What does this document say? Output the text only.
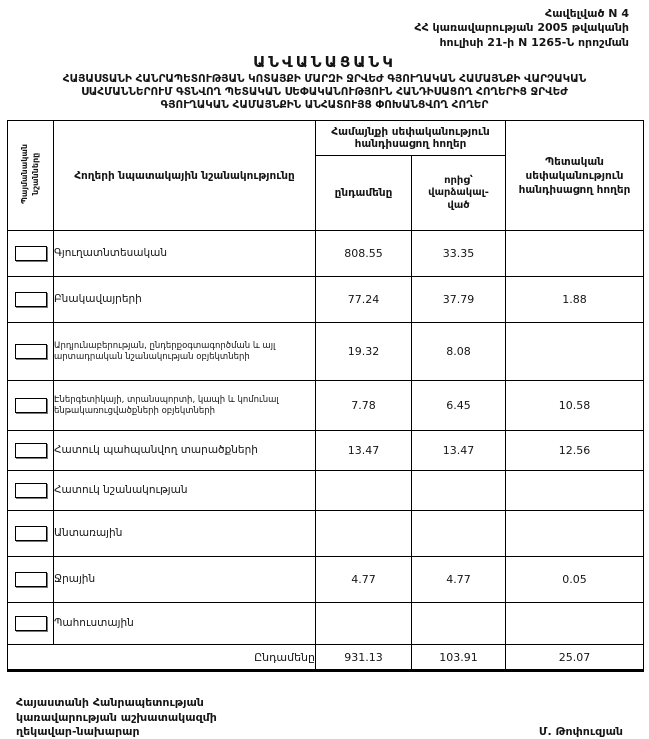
Հավելված N 4
ՀՀ կառավարության 2005 թվականի
հուլիսի 21-ի N 1265-Ն որոշման
ԱՆՎԱՆԱՑԱՆԿ
ՀԱՅԱՍՏԱՆԻ ՀԱՆՐԱՊԵՏՈՒԹՅԱՆ ԿՈՏԱՅՔԻ ՄԱՐԶԻ ՋՐՎԵԺ ԳՅՈՒՂԱԿԱՆ ՀԱՄԱՅՆՔԻ ՎԱՐՉԱԿԱՆ
ՍԱՀՄԱՆՆԵՐՈՒՄ ԳՏՆՎՈՂ ՊԵՏԱԿԱՆ ՍԵՓԱԿԱՆՈՒԹՅՈՒՆ ՀԱՆԴԻՍԱՑՈՂ ՀՈՂԵՐԻՑ ՋՐՎԵԺ
ԳՅՈՒՂԱԿԱՆ ՀԱՄԱՅՆՔԻՆ ԱՆՀԱՏՈՒՅՑ ՓՈԽԱՆՑՎՈՂ ՀՈՂԵՐ
Պայմանական նշանները	Հողերի նպատակային նշանակությունը	Համայնքի սեփականություն հանդիսացող հողեր		Պետական սեփականություն հանդիսացող հողեր
		ընդամենը	որից՝ վարձակալ- ված	

	Գյուղատնտեսական	808.55	33.35	

	Բնակավայրերի	77.24	37.79	1.88

	Արդյունաբերության, ընդերքօգտագործման և այլ արտադրական նշանակության օբյեկտների	19.32	8.08	

	Էներգետիկայի, տրանսպորտի, կապի և կոմունալ ենթակառուցվածքների օբյեկտների	7.78	6.45	10.58

	Հատուկ պահպանվող տարածքների	13.47	13.47	12.56

	Հատուկ նշանակության			

	Անտառային			

	Ջրային	4.77	4.77	0.05

	Պահուստային			
Ընդամենը		931.13	103.91	25.07
Հայաստանի Հանրապետության
կառավարության աշխատակազմի
ղեկավար-նախարար	Մ. Թոփուզյան
